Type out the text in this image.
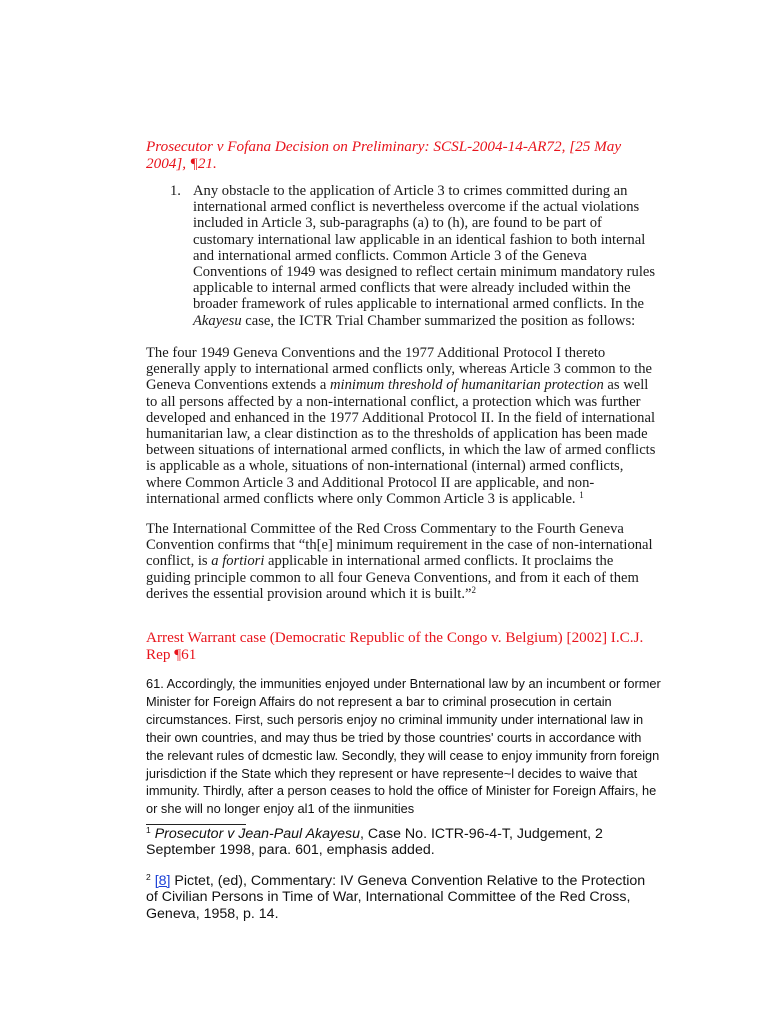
Prosecutor v Fofana Decision on Preliminary: SCSL-2004-14-AR72, [25 May 2004], ¶21.
1. Any obstacle to the application of Article 3 to crimes committed during an international armed conflict is nevertheless overcome if the actual violations included in Article 3, sub-paragraphs (a) to (h), are found to be part of customary international law applicable in an identical fashion to both internal and international armed conflicts. Common Article 3 of the Geneva Conventions of 1949 was designed to reflect certain minimum mandatory rules applicable to internal armed conflicts that were already included within the broader framework of rules applicable to international armed conflicts. In the Akayesu case, the ICTR Trial Chamber summarized the position as follows:
The four 1949 Geneva Conventions and the 1977 Additional Protocol I thereto generally apply to international armed conflicts only, whereas Article 3 common to the Geneva Conventions extends a minimum threshold of humanitarian protection as well to all persons affected by a non-international conflict, a protection which was further developed and enhanced in the 1977 Additional Protocol II. In the field of international humanitarian law, a clear distinction as to the thresholds of application has been made between situations of international armed conflicts, in which the law of armed conflicts is applicable as a whole, situations of non-international (internal) armed conflicts, where Common Article 3 and Additional Protocol II are applicable, and non-international armed conflicts where only Common Article 3 is applicable. $^1$
The International Committee of the Red Cross Commentary to the Fourth Geneva Convention confirms that “th[e] minimum requirement in the case of non-international conflict, is a fortiori applicable in international armed conflicts. It proclaims the guiding principle common to all four Geneva Conventions, and from it each of them derives the essential provision around which it is built.”$^2$
Arrest Warrant case (Democratic Republic of the Congo v. Belgium) [2002] I.C.J. Rep ¶61
61. Accordingly, the immunities enjoyed under Bnternational law by an incumbent or former Minister for Foreign Affairs do not represent a bar to criminal prosecution in certain circumstances. First, such persoris enjoy no criminal immunity under international law in their own countries, and may thus be tried by those countries' courts in accordance with the relevant rules of dcmestic law. Secondly, they will cease to enjoy immunity frorn foreign jurisdiction if the State which they represent or have represente~l decides to waive that immunity. Thirdly, after a person ceases to hold the office of Minister for Foreign Affairs, he or she will no longer enjoy al1 of the iinmunities
$^1$ Prosecutor v Jean-Paul Akayesu, Case No. ICTR-96-4-T, Judgement, 2 September 1998, para. 601, emphasis added.
$^2$ [8] Pictet, (ed), Commentary: IV Geneva Convention Relative to the Protection of Civilian Persons in Time of War, International Committee of the Red Cross, Geneva, 1958, p. 14.
